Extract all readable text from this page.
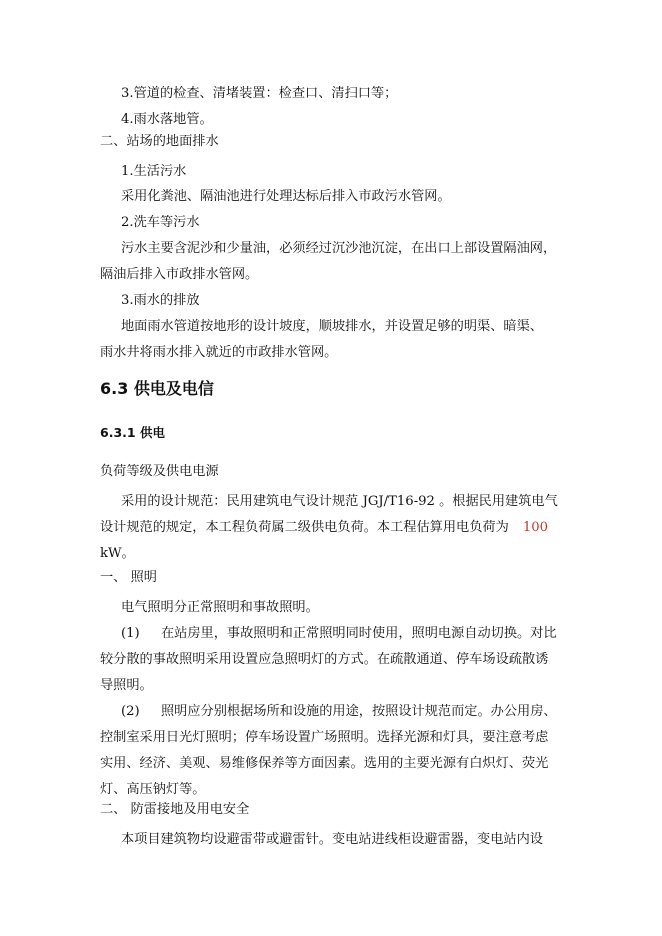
3.管道的检查、清堵装置：检查口、清扫口等；
4.雨水落地管。
二、站场的地面排水
1.生活污水
采用化粪池、隔油池进行处理达标后排入市政污水管网。
2.洗车等污水
污水主要含泥沙和少量油，必须经过沉沙池沉淀，在出口上部设置隔油网，
隔油后排入市政排水管网。
3.雨水的排放
地面雨水管道按地形的设计坡度，顺坡排水，并设置足够的明渠、暗渠、
雨水井将雨水排入就近的市政排水管网。
6.3 供电及电信
6.3.1 供电
负荷等级及供电电源
采用的设计规范：民用建筑电气设计规范 JGJ/T16-92 。根据民用建筑电气
设计规范的规定，本工程负荷属二级供电负荷。本工程估算用电负荷为 100
kW。
一、 照明
电气照明分正常照明和事故照明。
(1) 在站房里，事故照明和正常照明同时使用，照明电源自动切换。对比
较分散的事故照明采用设置应急照明灯的方式。在疏散通道、停车场设疏散诱
导照明。
(2) 照明应分别根据场所和设施的用途，按照设计规范而定。办公用房、
控制室采用日光灯照明；停车场设置广场照明。选择光源和灯具，要注意考虑
实用、经济、美观、易维修保养等方面因素。选用的主要光源有白炽灯、荧光
灯、高压钠灯等。
二、 防雷接地及用电安全
本项目建筑物均设避雷带或避雷针。变电站进线柜设避雷器，变电站内设
